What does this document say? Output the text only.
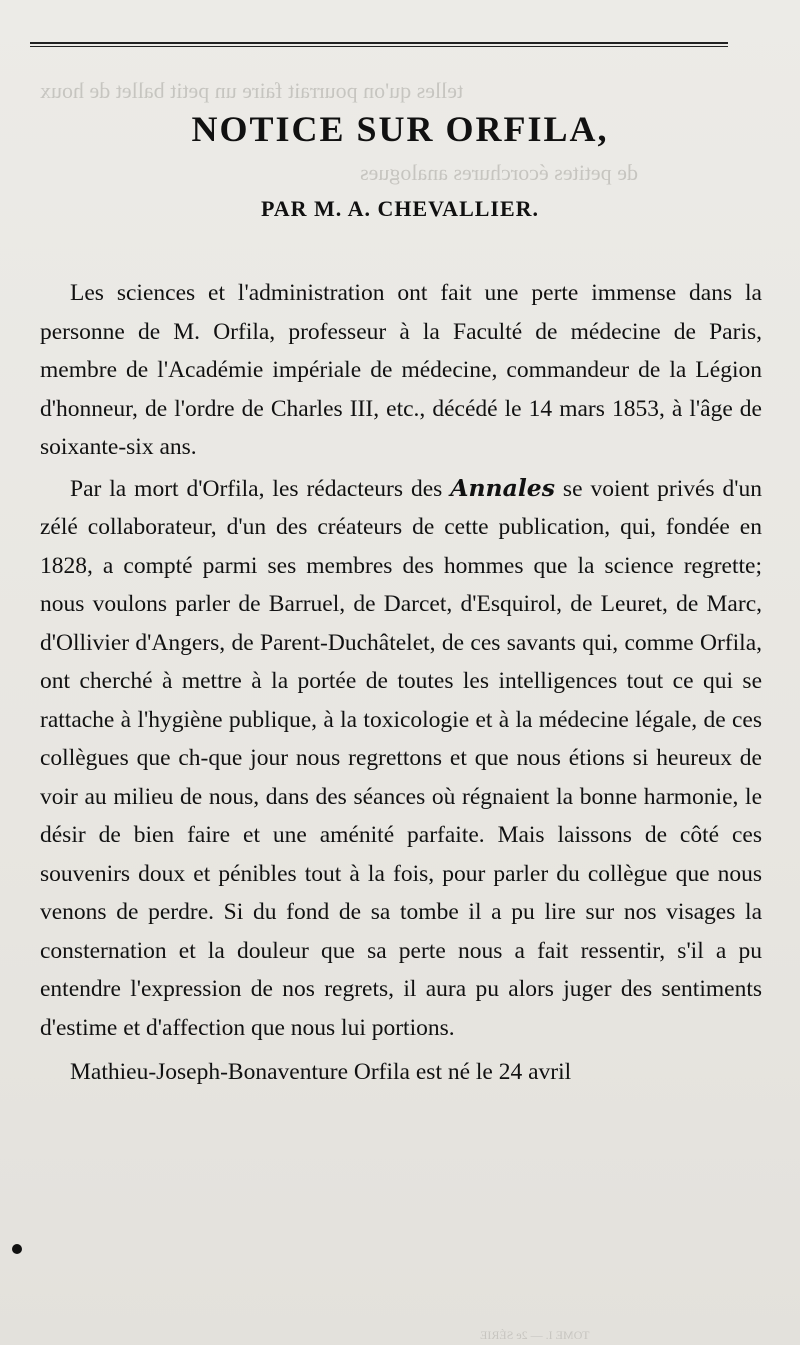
telles qu'on pourrait faire un petit ballet de houx
de petites écorchures analogues
NOTICE SUR ORFILA,
PAR M. A. CHEVALLIER.

Les sciences et l'administration ont fait une perte immense dans la personne de M. Orfila, professeur à la Faculté de médecine de Paris, membre de l'Académie impériale de médecine, commandeur de la Légion d'honneur, de l'ordre de Charles III, etc., décédé le 14 mars 1853, à l'âge de soixante-six ans.

Par la mort d'Orfila, les rédacteurs des Annales se voient privés d'un zélé collaborateur, d'un des créateurs de cette publication, qui, fondée en 1828, a compté parmi ses membres des hommes que la science regrette; nous voulons parler de Barruel, de Darcet, d'Esquirol, de Leuret, de Marc, d'Ollivier d'Angers, de Parent-Duchâtelet, de ces savants qui, comme Orfila, ont cherché à mettre à la portée de toutes les intelligences tout ce qui se rattache à l'hygiène publique, à la toxicologie et à la médecine légale, de ces collègues que ch-que jour nous regrettons et que nous étions si heureux de voir au milieu de nous, dans des séances où régnaient la bonne harmonie, le désir de bien faire et une aménité parfaite. Mais laissons de côté ces souvenirs doux et pénibles tout à la fois, pour parler du collègue que nous venons de perdre. Si du fond de sa tombe il a pu lire sur nos visages la consternation et la douleur que sa perte nous a fait ressentir, s'il a pu entendre l'expression de nos regrets, il aura pu alors juger des sentiments d'estime et d'affection que nous lui portions.

Mathieu-Joseph-Bonaventure Orfila est né le 24 avril

TOME I. — 2e SÉRIE
